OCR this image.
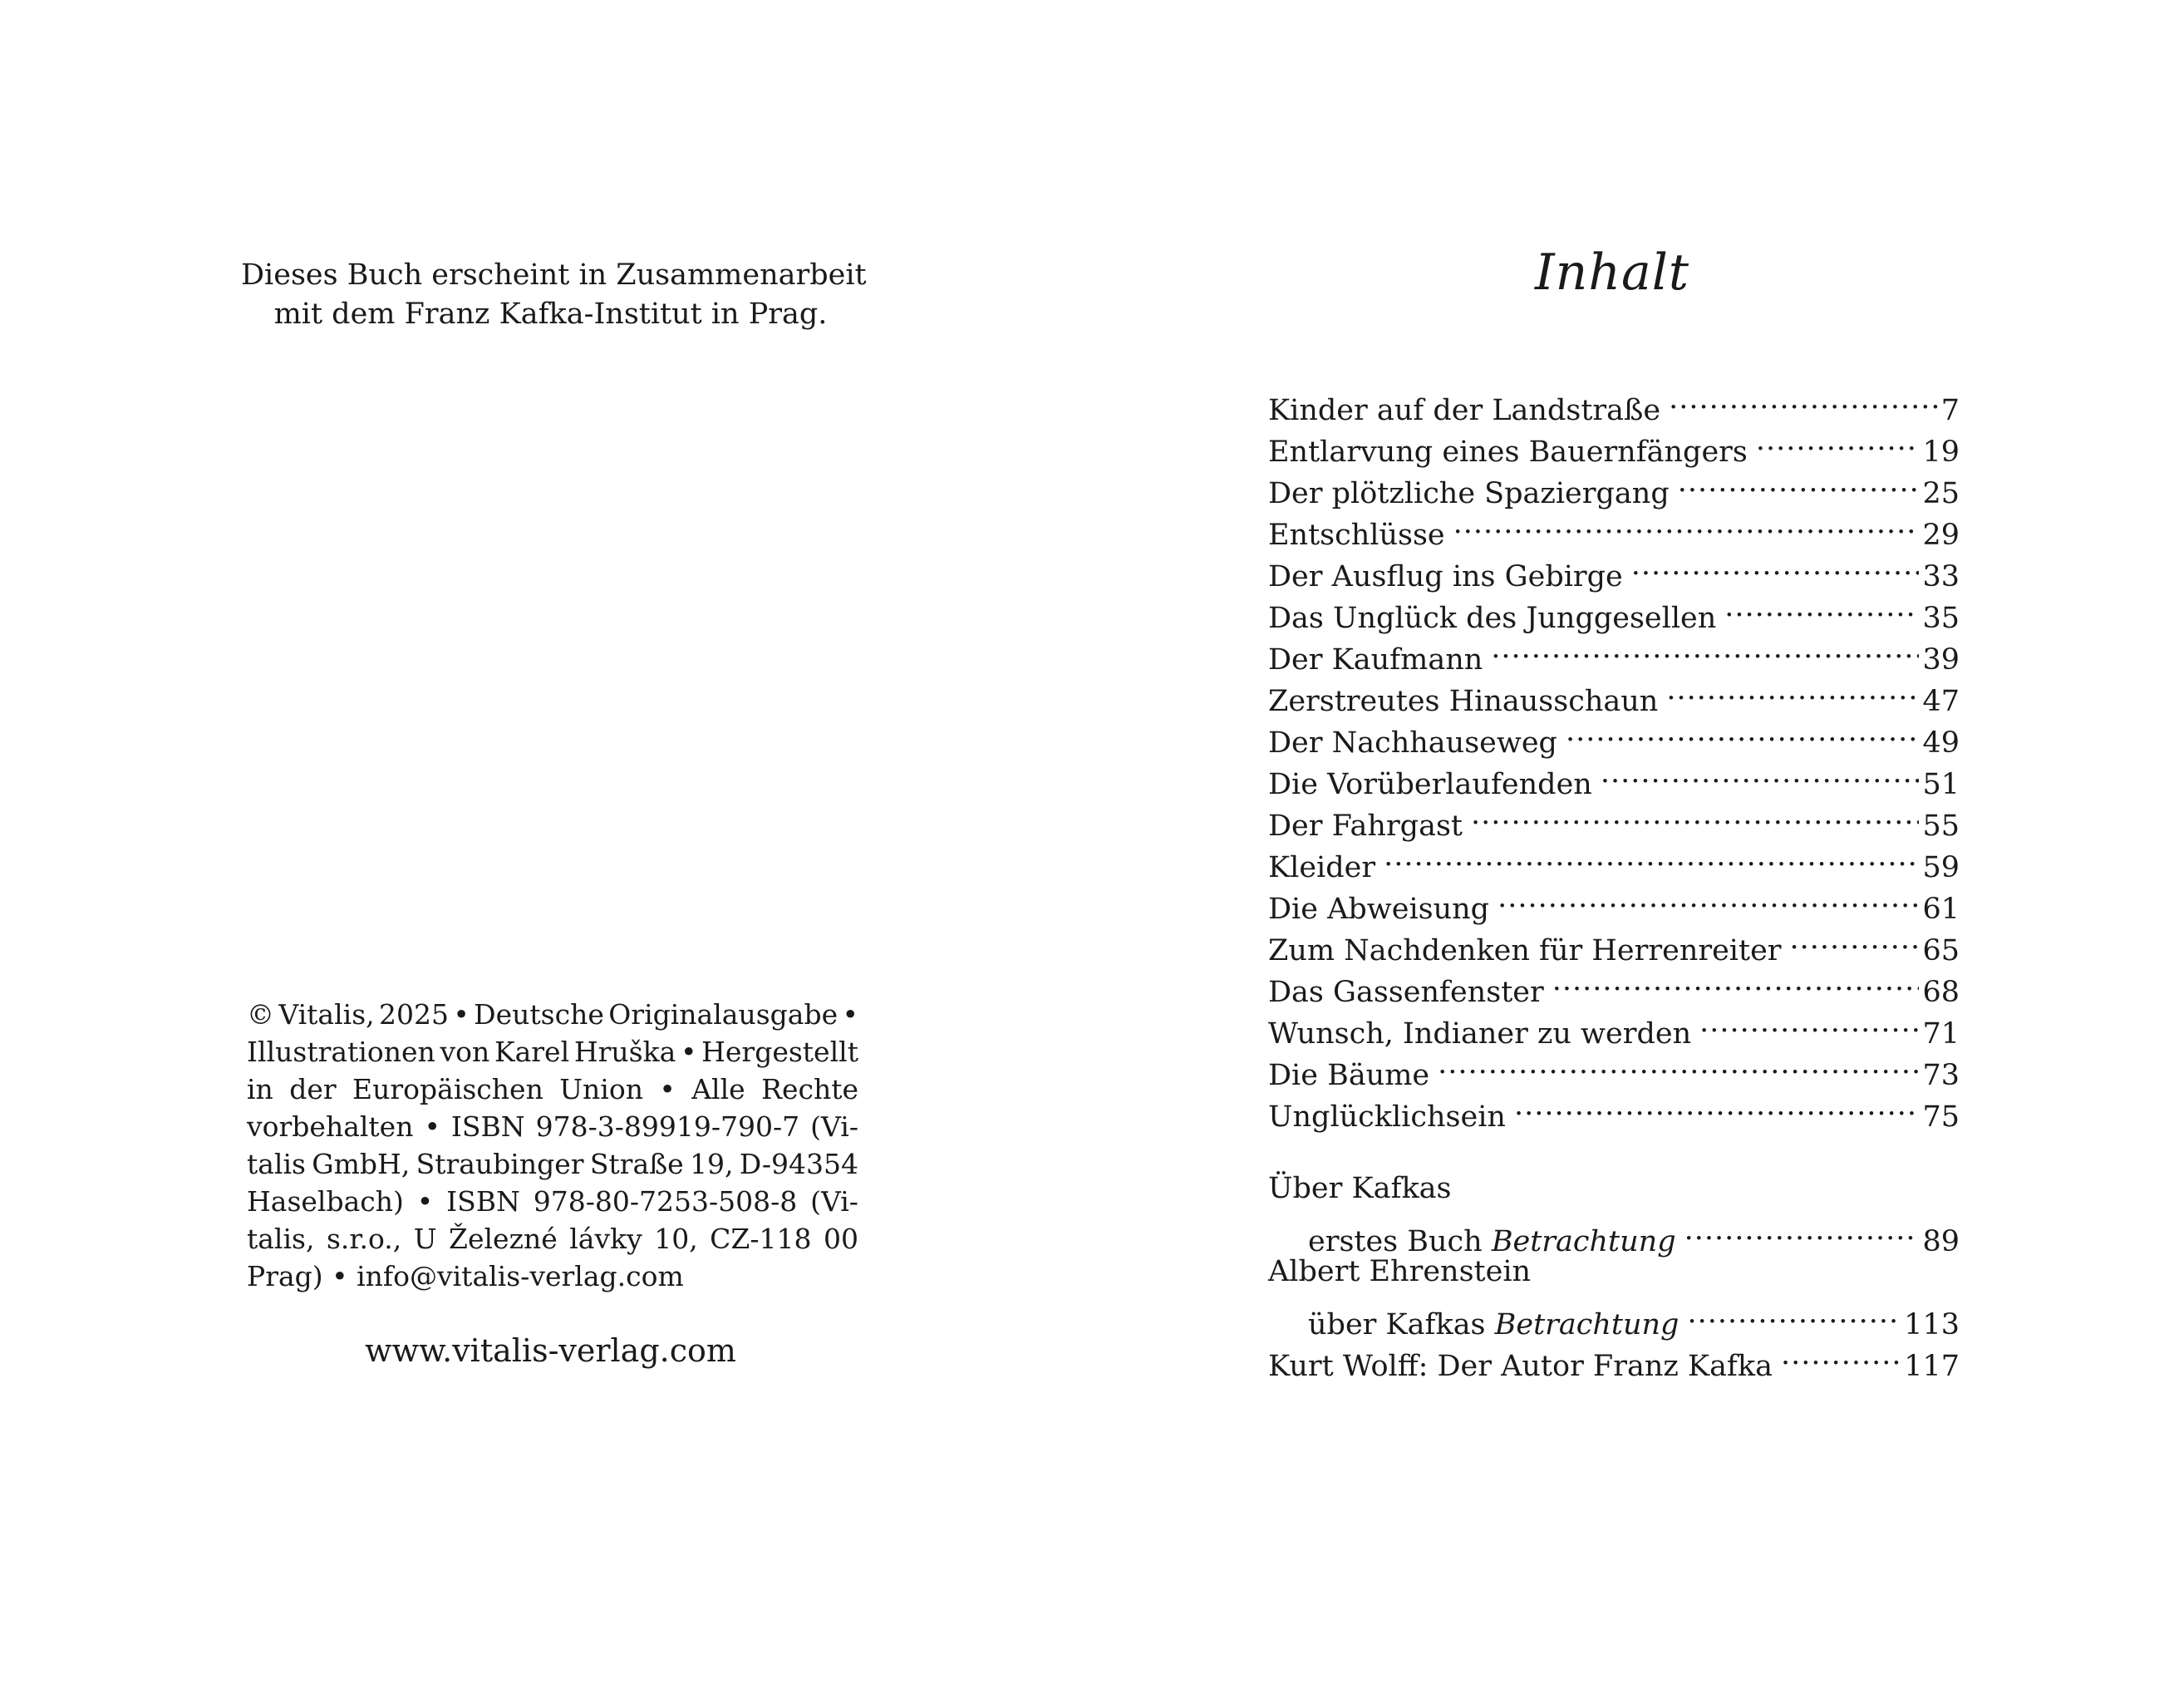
Dieses Buch erscheint in Zusammenarbeit
mit dem Franz Kafka-Institut in Prag.
© Vitalis, 2025 • Deutsche Originalausgabe •
Illustrationen von Karel Hruška • Hergestellt
in der Europäischen Union • Alle Rechte
vorbehalten • ISBN 978-3-89919-790-7 (Vi-
talis GmbH, Straubinger Straße 19, D-94354
Haselbach) • ISBN 978-80-7253-508-8 (Vi-
talis, s.r.o., U Železné lávky 10, CZ-118 00
Prag) • info@vitalis-verlag.com
www.vitalis-verlag.com
Inhalt
Kinder auf der Landstraße .....	7
Entlarvung eines Bauernfängers .....	19
Der plötzliche Spaziergang .....	25
Entschlüsse .....	29
Der Ausflug ins Gebirge .....	33
Das Unglück des Junggesellen .....	35
Der Kaufmann .....	39
Zerstreutes Hinausschaun .....	47
Der Nachhauseweg .....	49
Die Vorüberlaufenden .....	51
Der Fahrgast .....	55
Kleider .....	59
Die Abweisung .....	61
Zum Nachdenken für Herrenreiter .....	65
Das Gassenfenster .....	68
Wunsch, Indianer zu werden .....	71
Die Bäume .....	73
Unglücklichsein .....	75
Über Kafkas
erstes Buch Betrachtung .....	89
Albert Ehrenstein
über Kafkas Betrachtung .....	113
Kurt Wolff: Der Autor Franz Kafka .....	117
